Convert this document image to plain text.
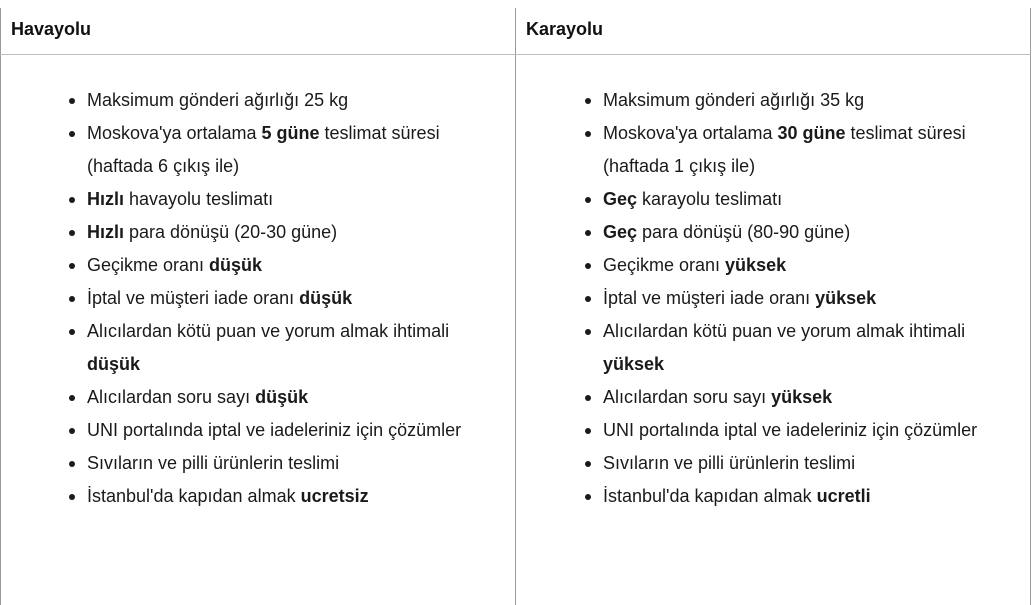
Havayolu
Maksimum gönderi ağırlığı 25 kg
Moskova'ya ortalama 5 güne teslimat süresi (haftada 6 çıkış ile)
Hızlı havayolu teslimatı
Hızlı para dönüşü (20-30 güne)
Geçikme oranı düşük
İptal ve müşteri iade oranı düşük
Alıcılardan kötü puan ve yorum almak ihtimali düşük
Alıcılardan soru sayı düşük
UNI portalında iptal ve iadeleriniz için çözümler
Sıvıların ve pilli ürünlerin teslimi
İstanbul'da kapıdan almak ucretsiz
Karayolu
Maksimum gönderi ağırlığı 35 kg
Moskova'ya ortalama 30 güne teslimat süresi (haftada 1 çıkış ile)
Geç karayolu teslimatı
Geç para dönüşü (80-90 güne)
Geçikme oranı yüksek
İptal ve müşteri iade oranı yüksek
Alıcılardan kötü puan ve yorum almak ihtimali yüksek
Alıcılardan soru sayı yüksek
UNI portalında iptal ve iadeleriniz için çözümler
Sıvıların ve pilli ürünlerin teslimi
İstanbul'da kapıdan almak ucretli
